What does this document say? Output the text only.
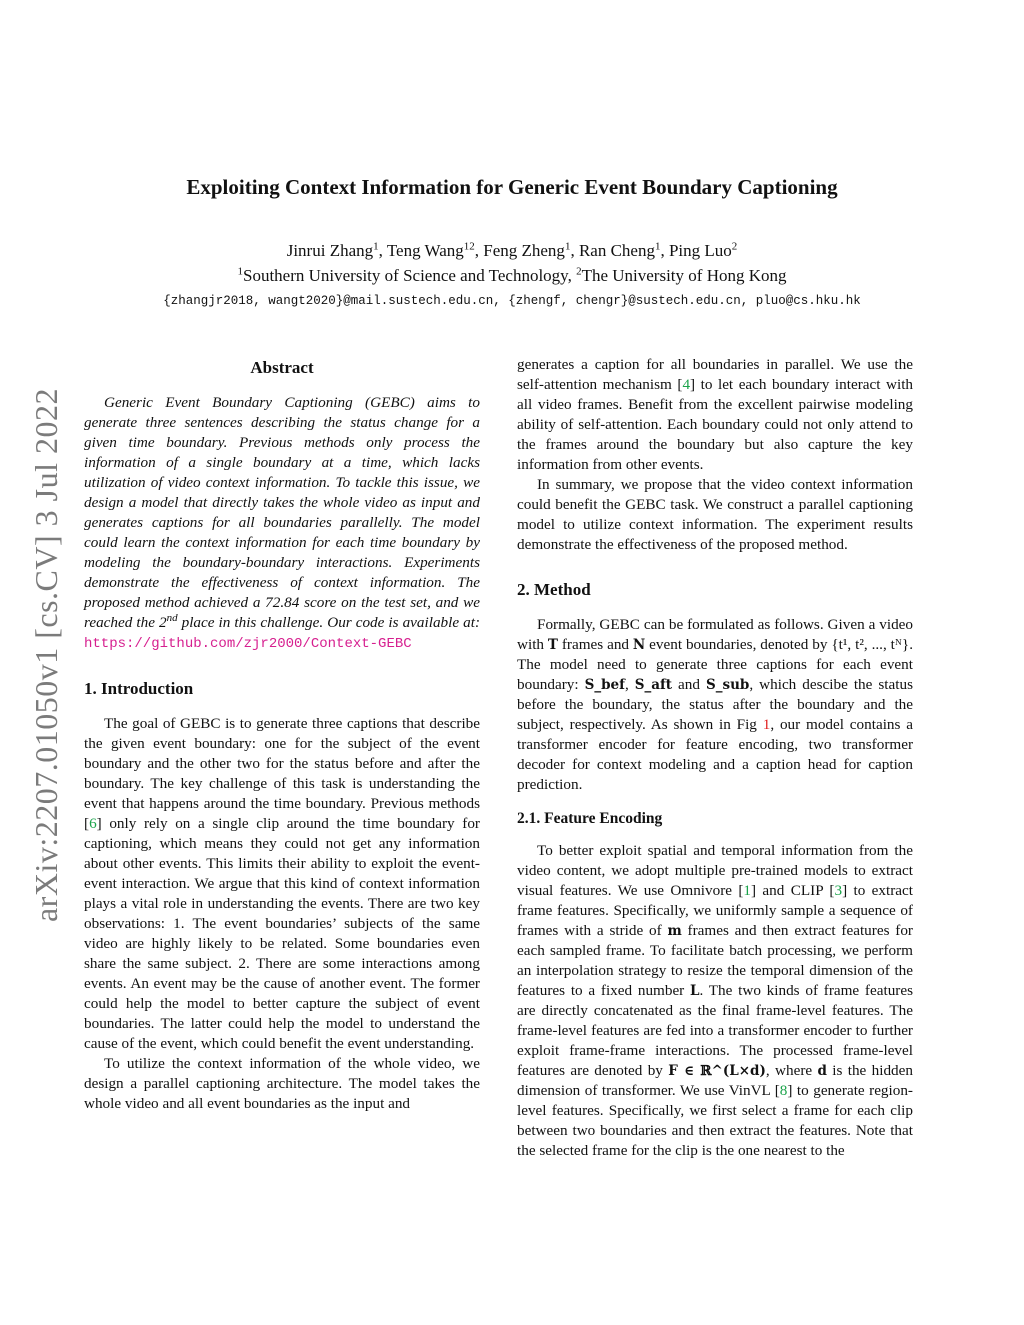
arXiv:2207.01050v1 [cs.CV] 3 Jul 2022
Exploiting Context Information for Generic Event Boundary Captioning
Jinrui Zhang$^1$, Teng Wang$^{12}$, Feng Zheng$^1$, Ran Cheng$^1$, Ping Luo$^2$
$^1$Southern University of Science and Technology, $^2$The University of Hong Kong
{zhangjr2018, wangt2020}@mail.sustech.edu.cn, {zhengf, chengr}@sustech.edu.cn, pluo@cs.hku.hk
Abstract

Generic Event Boundary Captioning (GEBC) aims to generate three sentences describing the status change for a given time boundary. Previous methods only process the information of a single boundary at a time, which lacks utilization of video context information. To tackle this issue, we design a model that directly takes the whole video as input and generates captions for all boundaries parallelly. The model could learn the context information for each time boundary by modeling the boundary-boundary interactions. Experiments demonstrate the effectiveness of context information. The proposed method achieved a 72.84 score on the test set, and we reached the 2nd place in this challenge. Our code is available at: https://github.com/zjr2000/Context-GEBC

1. Introduction

The goal of GEBC is to generate three captions that describe the given event boundary: one for the subject of the event boundary and the other two for the status before and after the boundary. The key challenge of this task is understanding the event that happens around the time boundary. Previous methods [6] only rely on a single clip around the time boundary for captioning, which means they could not get any information about other events. This limits their ability to exploit the event-event interaction. We argue that this kind of context information plays a vital role in understanding the events. There are two key observations: 1. The event boundaries’ subjects of the same video are highly likely to be related. Some boundaries even share the same subject. 2. There are some interactions among events. An event may be the cause of another event. The former could help the model to better capture the subject of event boundaries. The latter could help the model to understand the cause of the event, which could benefit the event understanding.

To utilize the context information of the whole video, we design a parallel captioning architecture. The model takes the whole video and all event boundaries as the input and

generates a caption for all boundaries in parallel. We use the self-attention mechanism [4] to let each boundary interact with all video frames. Benefit from the excellent pairwise modeling ability of self-attention. Each boundary could not only attend to the frames around the boundary but also capture the key information from other events.

In summary, we propose that the video context information could benefit the GEBC task. We construct a parallel captioning model to utilize context information. The experiment results demonstrate the effectiveness of the proposed method.

2. Method

Formally, GEBC can be formulated as follows. Given a video with T frames and N event boundaries, denoted by {t¹, t², ..., tᴺ}. The model need to generate three captions for each event boundary: S_bef, S_aft and S_sub, which descibe the status before the boundary, the status after the boundary and the subject, respectively. As shown in Fig 1, our model contains a transformer encoder for feature encoding, two transformer decoder for context modeling and a caption head for caption prediction.

2.1. Feature Encoding

To better exploit spatial and temporal information from the video content, we adopt multiple pre-trained models to extract visual features. We use Omnivore [1] and CLIP [3] to extract frame features. Specifically, we uniformly sample a sequence of frames with a stride of m frames and then extract features for each sampled frame. To facilitate batch processing, we perform an interpolation strategy to resize the temporal dimension of the features to a fixed number L. The two kinds of frame features are directly concatenated as the final frame-level features. The frame-level features are fed into a transformer encoder to further exploit frame-frame interactions. The processed frame-level features are denoted by F ∈ ℝ^(L×d), where d is the hidden dimension of transformer. We use VinVL [8] to generate region-level features. Specifically, we first select a frame for each clip between two boundaries and then extract the features. Note that the selected frame for the clip is the one nearest to the
